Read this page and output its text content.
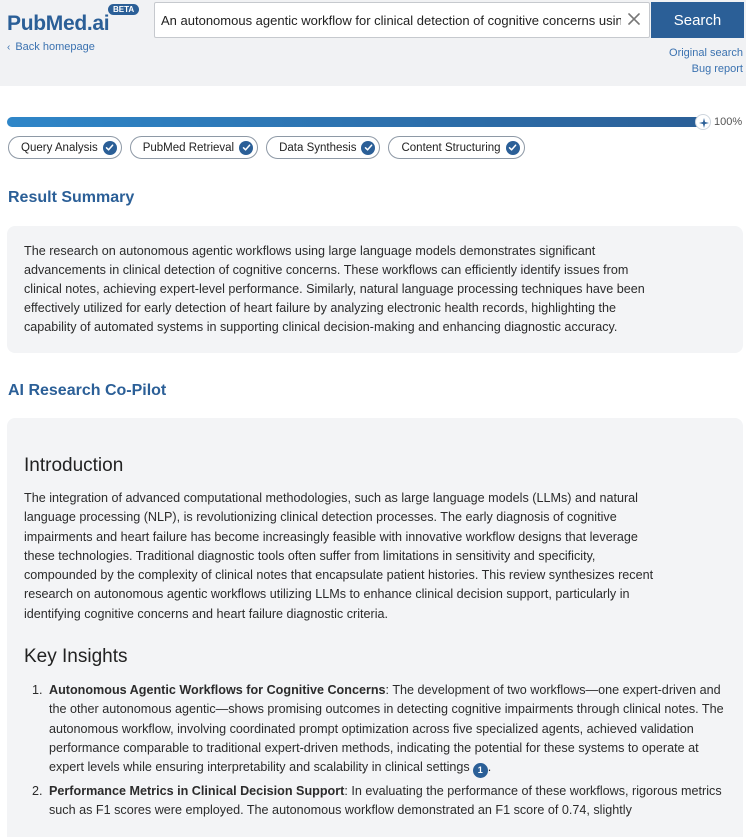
PubMed.ai
BETA
‹ Back homepage
An autonomous agentic workflow for clinical detection of cognitive concerns using large language models
Search
Original search
Bug report
100%
Query Analysis	PubMed Retrieval	Data Synthesis	Content Structuring
Result Summary
The research on autonomous agentic workflows using large language models demonstrates significant
advancements in clinical detection of cognitive concerns. These workflows can efficiently identify issues from
clinical notes, achieving expert-level performance. Similarly, natural language processing techniques have been
effectively utilized for early detection of heart failure by analyzing electronic health records, highlighting the
capability of automated systems in supporting clinical decision-making and enhancing diagnostic accuracy.
AI Research Co-Pilot
Introduction
The integration of advanced computational methodologies, such as large language models (LLMs) and natural
language processing (NLP), is revolutionizing clinical detection processes. The early diagnosis of cognitive
impairments and heart failure has become increasingly feasible with innovative workflow designs that leverage
these technologies. Traditional diagnostic tools often suffer from limitations in sensitivity and specificity,
compounded by the complexity of clinical notes that encapsulate patient histories. This review synthesizes recent
research on autonomous agentic workflows utilizing LLMs to enhance clinical decision support, particularly in
identifying cognitive concerns and heart failure diagnostic criteria.
Key Insights
1. Autonomous Agentic Workflows for Cognitive Concerns: The development of two workflows—one expert-driven and the other autonomous agentic—shows promising outcomes in detecting cognitive impairments through clinical notes. The autonomous workflow, involving coordinated prompt optimization across five specialized agents, achieved validation performance comparable to traditional expert-driven methods, indicating the potential for these systems to operate at expert levels while ensuring interpretability and scalability in clinical settings 1 .
2. Performance Metrics in Clinical Decision Support: In evaluating the performance of these workflows, rigorous metrics such as F1 scores were employed. The autonomous workflow demonstrated an F1 score of 0.74, slightly
